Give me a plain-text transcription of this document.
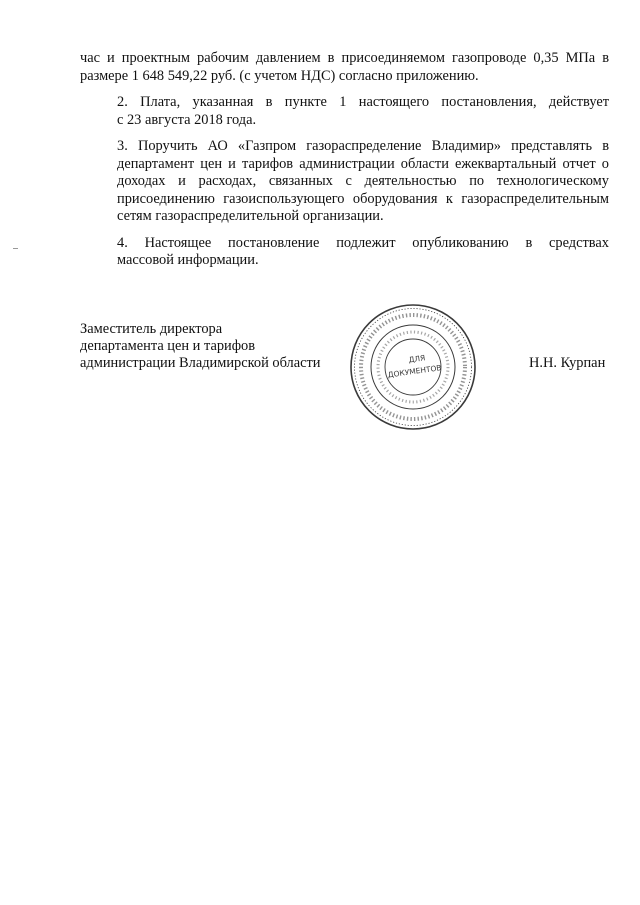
час и проектным рабочим давлением в присоединяемом газопроводе 0,35 МПа в
размере 1 648 549,22 руб. (с учетом НДС) согласно приложению.

2. Плата, указанная в пункте 1 настоящего постановления, действует
с 23 августа 2018 года.

3. Поручить АО «Газпром газораспределение Владимир» представлять в
департамент цен и тарифов администрации области ежеквартальный отчет о
доходах и расходах, связанных с деятельностью по технологическому
присоединению газоиспользующего оборудования к газораспределительным
сетям газораспределительной организации.

4. Настоящее постановление подлежит опубликованию в средствах
массовой информации.

Заместитель директора
департамента цен и тарифов
администрации Владимирской области	ДЛЯ
ДОКУМЕНТОВ
Н.Н. Курпан
